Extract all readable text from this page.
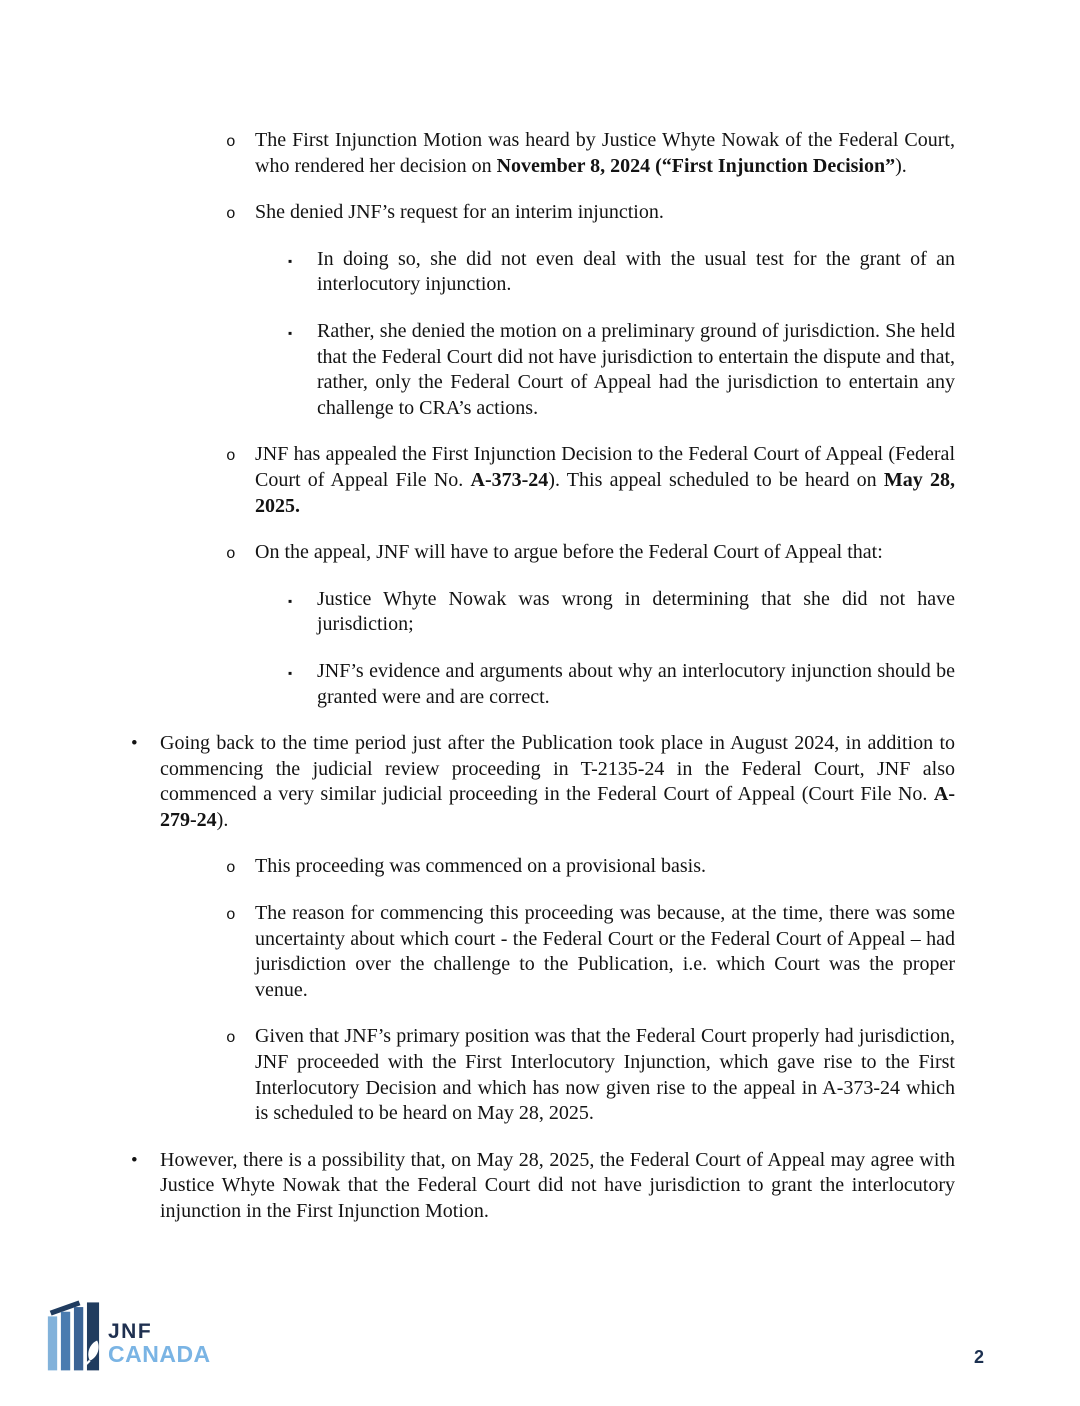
o The First Injunction Motion was heard by Justice Whyte Nowak of the Federal Court, who rendered her decision on November 8, 2024 (“First Injunction Decision”).
o She denied JNF’s request for an interim injunction.
▪ In doing so, she did not even deal with the usual test for the grant of an interlocutory injunction.
▪ Rather, she denied the motion on a preliminary ground of jurisdiction. She held that the Federal Court did not have jurisdiction to entertain the dispute and that, rather, only the Federal Court of Appeal had the jurisdiction to entertain any challenge to CRA’s actions.
o JNF has appealed the First Injunction Decision to the Federal Court of Appeal (Federal Court of Appeal File No. A-373-24). This appeal scheduled to be heard on May 28, 2025.
o On the appeal, JNF will have to argue before the Federal Court of Appeal that:
▪ Justice Whyte Nowak was wrong in determining that she did not have jurisdiction;
▪ JNF’s evidence and arguments about why an interlocutory injunction should be granted were and are correct.
• Going back to the time period just after the Publication took place in August 2024, in addition to commencing the judicial review proceeding in T-2135-24 in the Federal Court, JNF also commenced a very similar judicial proceeding in the Federal Court of Appeal (Court File No. A-279-24).
o This proceeding was commenced on a provisional basis.
o The reason for commencing this proceeding was because, at the time, there was some uncertainty about which court - the Federal Court or the Federal Court of Appeal – had jurisdiction over the challenge to the Publication, i.e. which Court was the proper venue.
o Given that JNF’s primary position was that the Federal Court properly had jurisdiction, JNF proceeded with the First Interlocutory Injunction, which gave rise to the First Interlocutory Decision and which has now given rise to the appeal in A-373-24 which is scheduled to be heard on May 28, 2025.
• However, there is a possibility that, on May 28, 2025, the Federal Court of Appeal may agree with Justice Whyte Nowak that the Federal Court did not have jurisdiction to grant the interlocutory injunction in the First Injunction Motion.
JNF
CANADA	2
